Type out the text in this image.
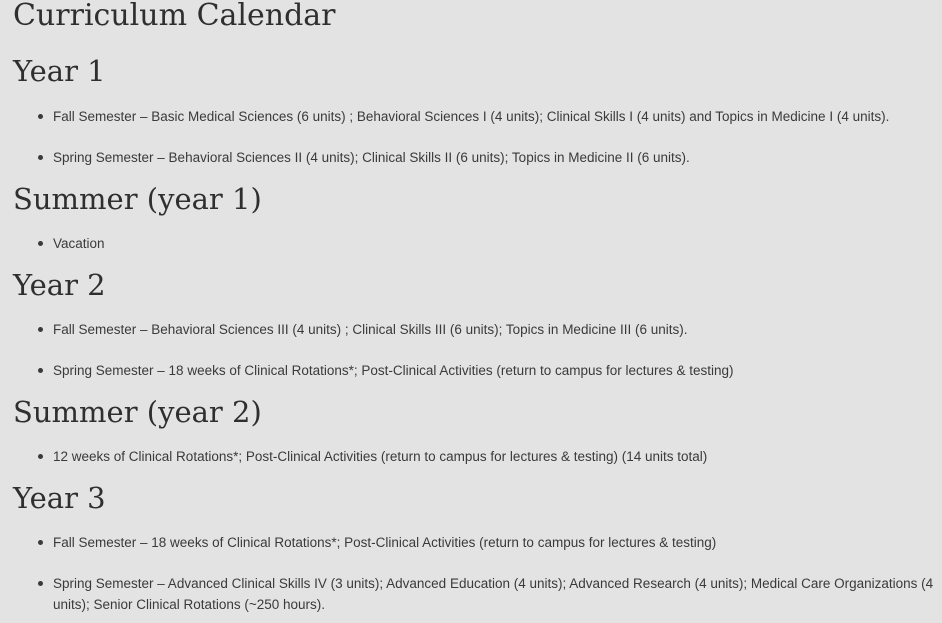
Curriculum Calendar
Year 1
Fall Semester – Basic Medical Sciences (6 units) ; Behavioral Sciences I (4 units); Clinical Skills I (4 units) and Topics in Medicine I (4 units).
Spring Semester – Behavioral Sciences II (4 units); Clinical Skills II (6 units); Topics in Medicine II (6 units).
Summer (year 1)
Vacation
Year 2
Fall Semester – Behavioral Sciences III (4 units) ; Clinical Skills III (6 units); Topics in Medicine III (6 units).
Spring Semester – 18 weeks of Clinical Rotations*; Post-Clinical Activities (return to campus for lectures & testing)
Summer (year 2)
12 weeks of Clinical Rotations*; Post-Clinical Activities (return to campus for lectures & testing) (14 units total)
Year 3
Fall Semester – 18 weeks of Clinical Rotations*; Post-Clinical Activities (return to campus for lectures & testing)
Spring Semester – Advanced Clinical Skills IV (3 units); Advanced Education (4 units); Advanced Research (4 units); Medical Care Organizations (4 units); Senior Clinical Rotations (~250 hours).
